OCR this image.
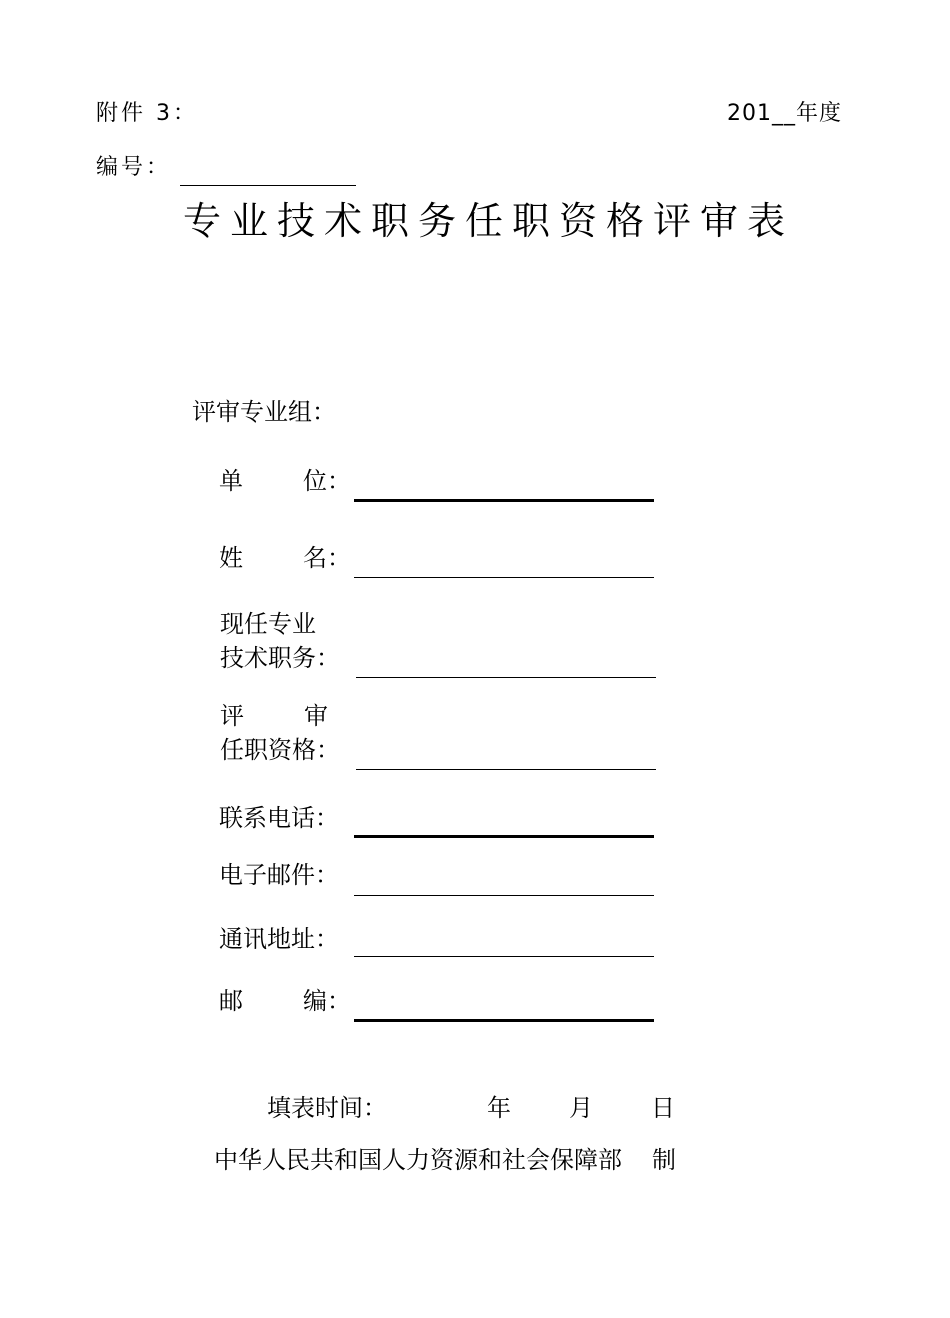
附件 3：	201__年度
编号：
专业技术职务任职资格评审表
评审专业组：
单 位：
姓 名：
现任专业
技术职务：
评 审
任职资格：
联系电话：
电子邮件：
通讯地址：
邮 编：
填表时间：	年 月 日
中华人民共和国人力资源和社会保障部 制
